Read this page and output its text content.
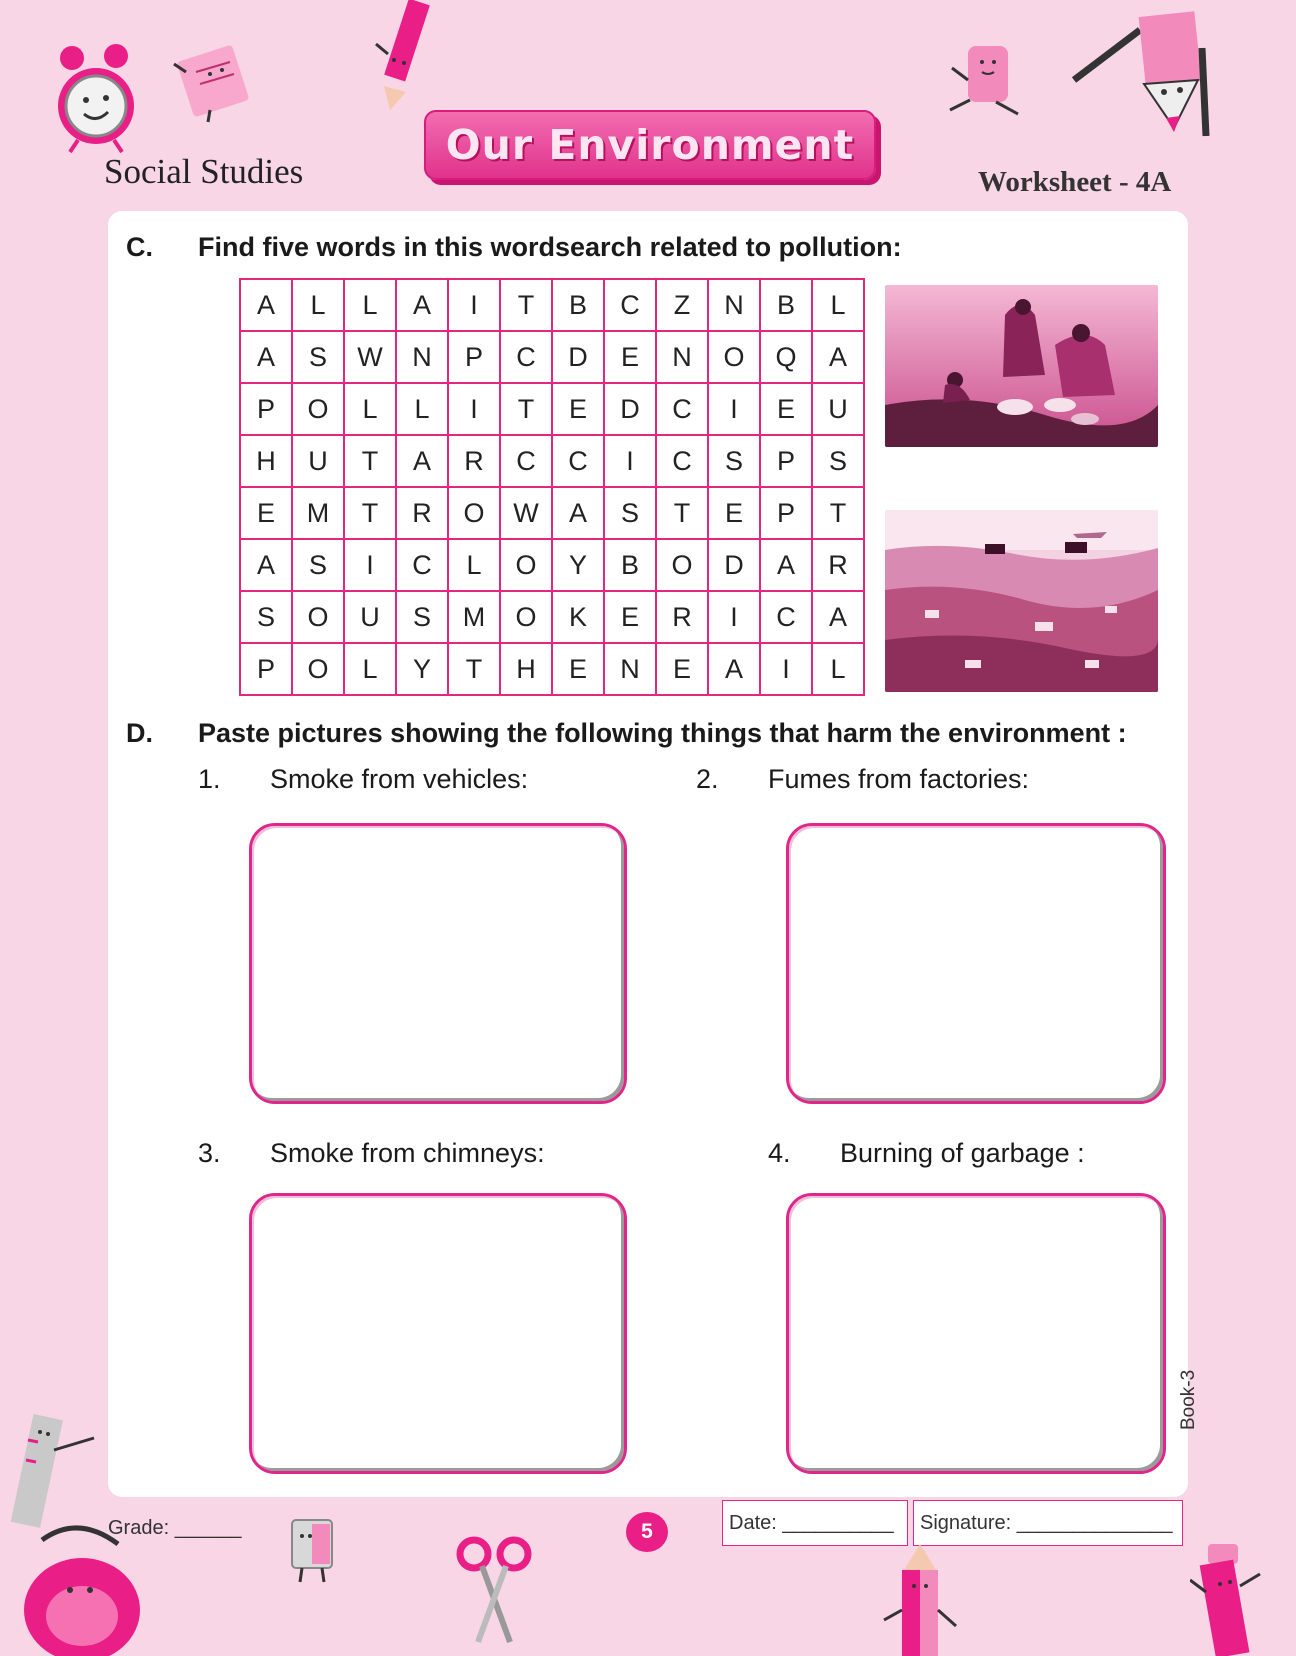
Social Studies
Our Environment
Worksheet - 4A
C. Find five words in this wordsearch related to pollution:
A	L	L	A	I	T	B	C	Z	N	B	L
A	S	W	N	P	C	D	E	N	O	Q	A
P	O	L	L	I	T	E	D	C	I	E	U
H	U	T	A	R	C	C	I	C	S	P	S
E	M	T	R	O	W	A	S	T	E	P	T
A	S	I	C	L	O	Y	B	O	D	A	R
S	O	U	S	M	O	K	E	R	I	C	A
P	O	L	Y	T	H	E	N	E	A	I	L
D. Paste pictures showing the following things that harm the environment :
1. Smoke from vehicles:	2. Fumes from factories:
3. Smoke from chimneys:	4. Burning of garbage :
Book-3
Grade: ______	5	Date: __________ Signature: ______________
